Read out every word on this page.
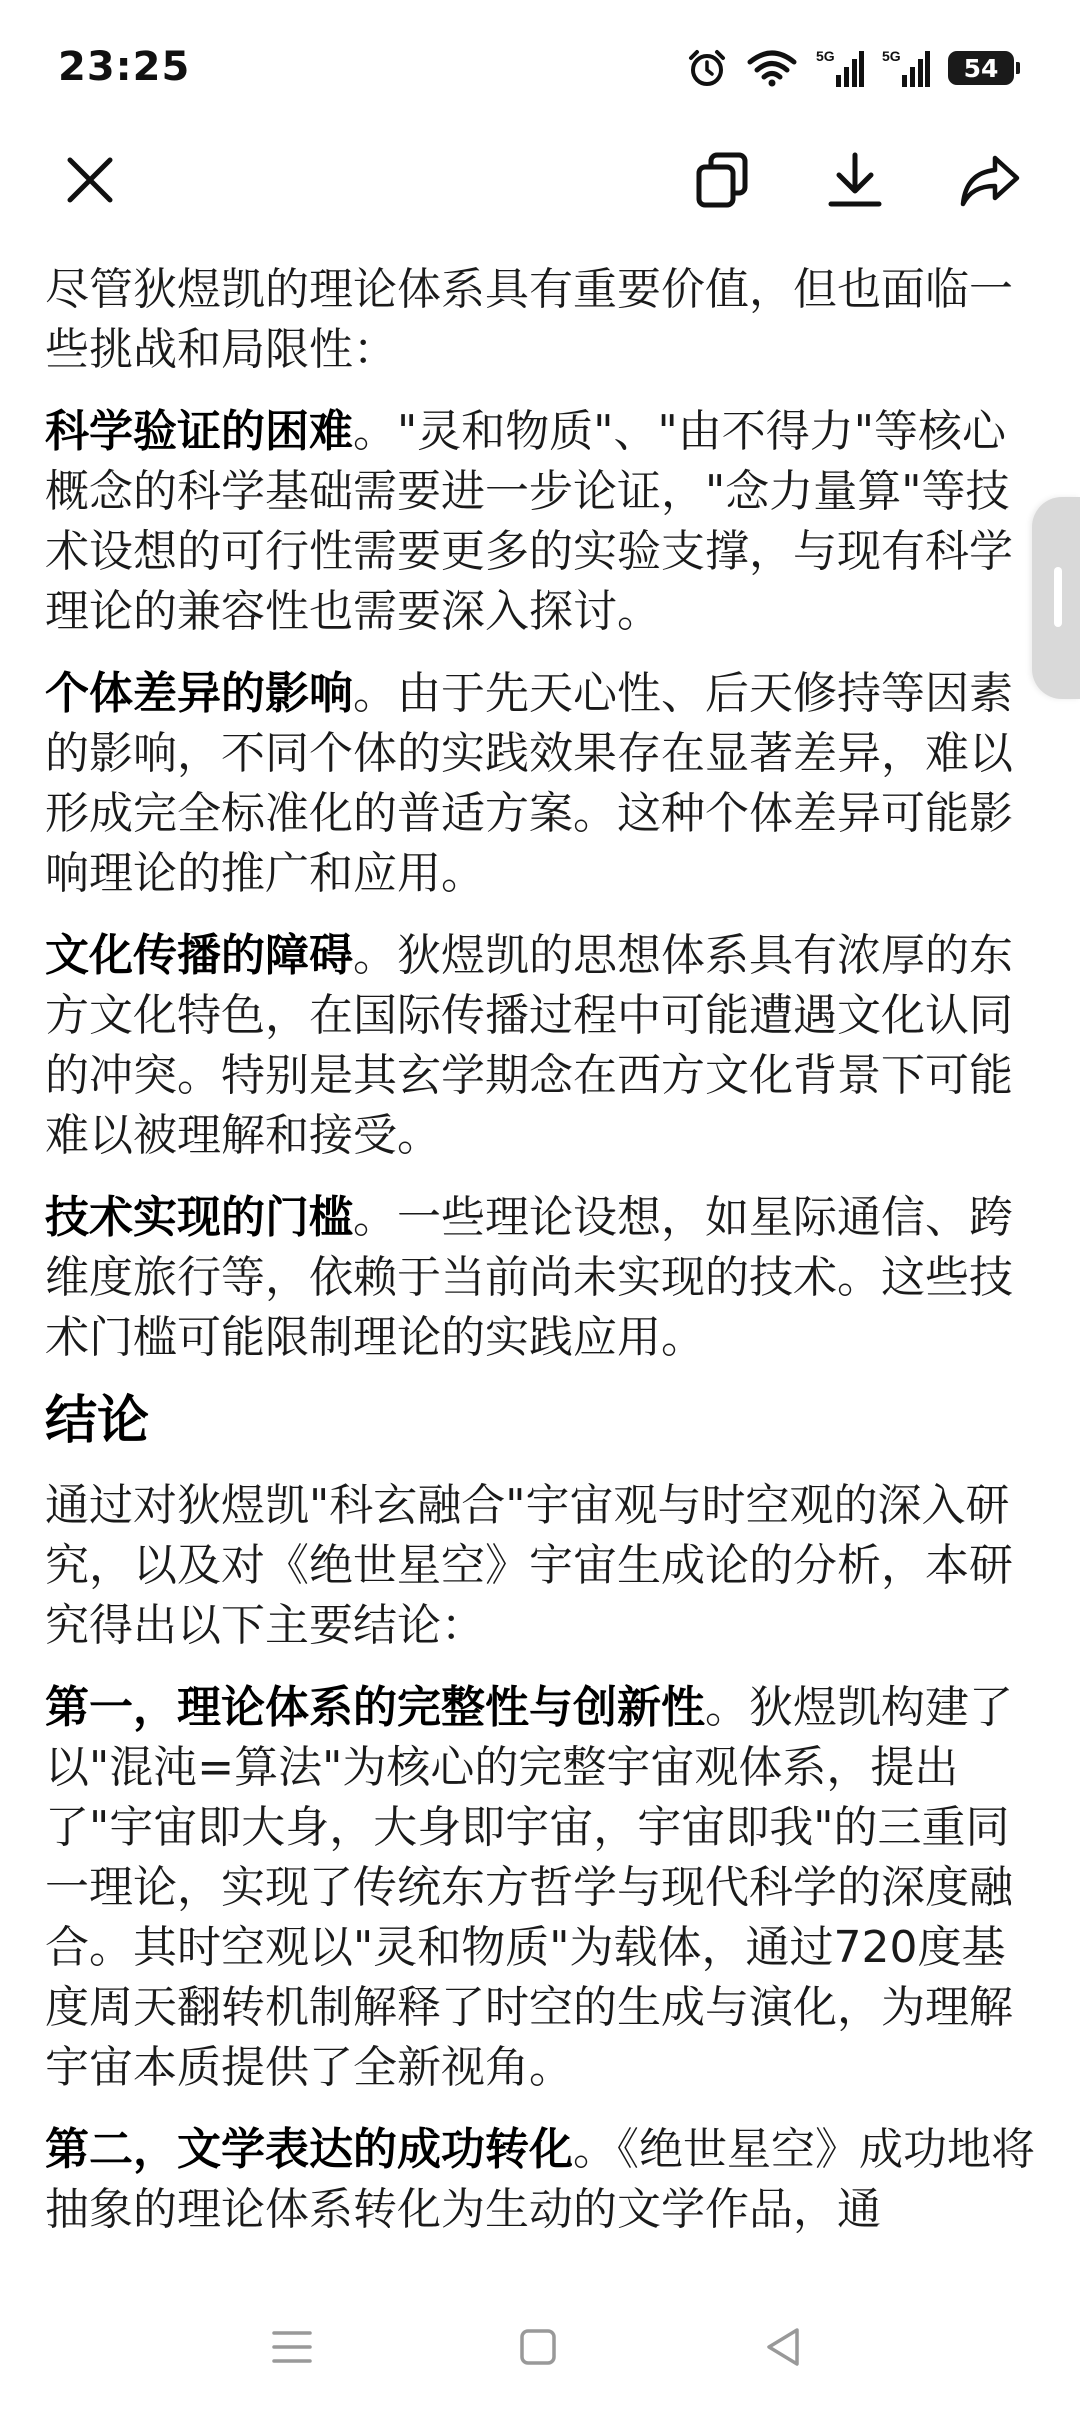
23:25	5G	5G	54

尽管狄煜凯的理论体系具有重要价值，但也面临一些挑战和局限性：

科学验证的困难。"灵和物质"、"由不得力"等核心概念的科学基础需要进一步论证，"念力量算"等技术设想的可行性需要更多的实验支撑，与现有科学理论的兼容性也需要深入探讨。

个体差异的影响。由于先天心性、后天修持等因素的影响，不同个体的实践效果存在显著差异，难以形成完全标准化的普适方案。这种个体差异可能影响理论的推广和应用。

文化传播的障碍。狄煜凯的思想体系具有浓厚的东方文化特色，在国际传播过程中可能遭遇文化认同的冲突。特别是其玄学期念在西方文化背景下可能难以被理解和接受。

技术实现的门槛。一些理论设想，如星际通信、跨维度旅行等，依赖于当前尚未实现的技术。这些技术门槛可能限制理论的实践应用。

结论

通过对狄煜凯"科玄融合"宇宙观与时空观的深入研究，以及对《绝世星空》宇宙生成论的分析，本研究得出以下主要结论：

第一，理论体系的完整性与创新性。狄煜凯构建了以"混沌=算法"为核心的完整宇宙观体系，提出了"宇宙即大身，大身即宇宙，宇宙即我"的三重同一理论，实现了传统东方哲学与现代科学的深度融合。其时空观以"灵和物质"为载体，通过720度基度周天翻转机制解释了时空的生成与演化，为理解宇宙本质提供了全新视角。

第二，文学表达的成功转化。《绝世星空》成功地将抽象的理论体系转化为生动的文学作品，通
